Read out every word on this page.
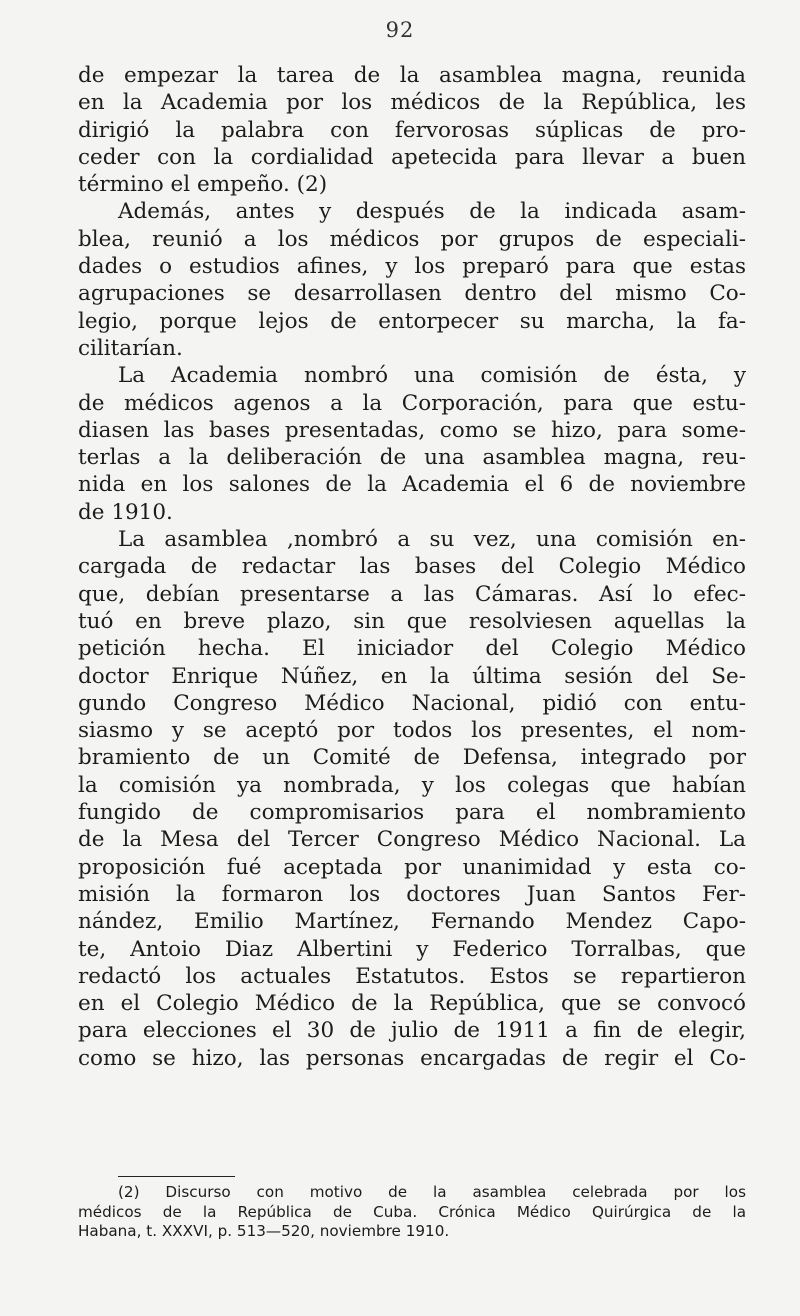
92
de empezar la tarea de la asamblea magna, reunida
en la Academia por los médicos de la República, les
dirigió la palabra con fervorosas súplicas de pro-
ceder con la cordialidad apetecida para llevar a buen
término el empeño. (2)
Además, antes y después de la indicada asam-
blea, reunió a los médicos por grupos de especiali-
dades o estudios afines, y los preparó para que estas
agrupaciones se desarrollasen dentro del mismo Co-
legio, porque lejos de entorpecer su marcha, la fa-
cilitarían.
La Academia nombró una comisión de ésta, y
de médicos agenos a la Corporación, para que estu-
diasen las bases presentadas, como se hizo, para some-
terlas a la deliberación de una asamblea magna, reu-
nida en los salones de la Academia el 6 de noviembre
de 1910.
La asamblea ,nombró a su vez, una comisión en-
cargada de redactar las bases del Colegio Médico
que, debían presentarse a las Cámaras. Así lo efec-
tuó en breve plazo, sin que resolviesen aquellas la
petición hecha. El iniciador del Colegio Médico
doctor Enrique Núñez, en la última sesión del Se-
gundo Congreso Médico Nacional, pidió con entu-
siasmo y se aceptó por todos los presentes, el nom-
bramiento de un Comité de Defensa, integrado por
la comisión ya nombrada, y los colegas que habían
fungido de compromisarios para el nombramiento
de la Mesa del Tercer Congreso Médico Nacional. La
proposición fué aceptada por unanimidad y esta co-
misión la formaron los doctores Juan Santos Fer-
nández, Emilio Martínez, Fernando Mendez Capo-
te, Antoio Diaz Albertini y Federico Torralbas, que
redactó los actuales Estatutos. Estos se repartieron
en el Colegio Médico de la República, que se convocó
para elecciones el 30 de julio de 1911 a fin de elegir,
como se hizo, las personas encargadas de regir el Co-
(2) Discurso con motivo de la asamblea celebrada por los
médicos de la República de Cuba. Crónica Médico Quirúrgica de la
Habana, t. XXXVI, p. 513—520, noviembre 1910.
